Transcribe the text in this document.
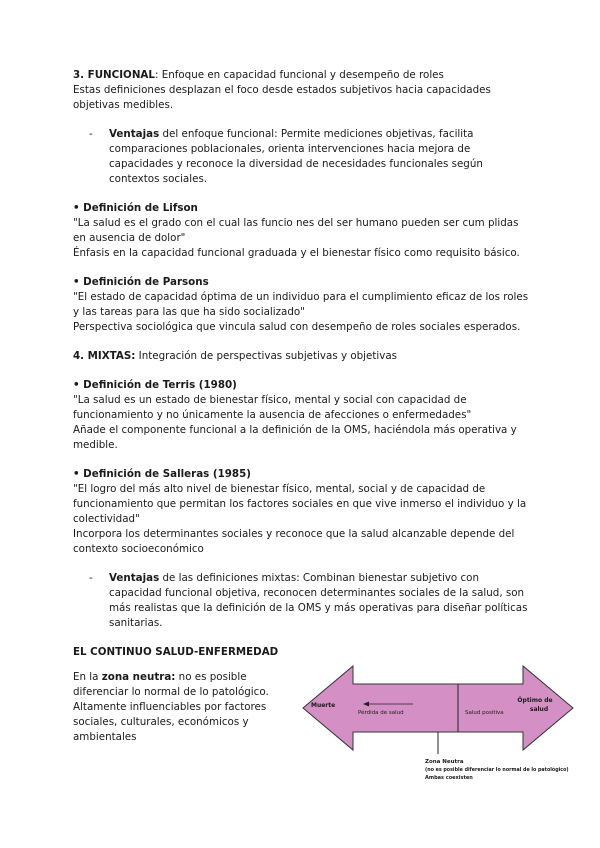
3. FUNCIONAL: Enfoque en capacidad funcional y desempeño de roles

Estas definiciones desplazan el foco desde estados subjetivos hacia capacidades objetivas medibles.

- Ventajas del enfoque funcional: Permite mediciones objetivas, facilita comparaciones poblacionales, orienta intervenciones hacia mejora de capacidades y reconoce la diversidad de necesidades funcionales según contextos sociales.

• Definición de Lifson

"La salud es el grado con el cual las funcio nes del ser humano pueden ser cum plidas en ausencia de dolor"

Énfasis en la capacidad funcional graduada y el bienestar físico como requisito básico.

• Definición de Parsons

"El estado de capacidad óptima de un individuo para el cumplimiento eficaz de los roles y las tareas para las que ha sido socializado"

Perspectiva sociológica que vincula salud con desempeño de roles sociales esperados.

4. MIXTAS: Integración de perspectivas subjetivas y objetivas

• Definición de Terris (1980)

"La salud es un estado de bienestar físico, mental y social con capacidad de funcionamiento y no únicamente la ausencia de afecciones o enfermedades"

Añade el componente funcional a la definición de la OMS, haciéndola más operativa y medible.

• Definición de Salleras (1985)

"El logro del más alto nivel de bienestar físico, mental, social y de capacidad de funcionamiento que permitan los factores sociales en que vive inmerso el individuo y la colectividad"

Incorpora los determinantes sociales y reconoce que la salud alcanzable depende del contexto socioeconómico

- Ventajas de las definiciones mixtas: Combinan bienestar subjetivo con capacidad funcional objetiva, reconocen determinantes sociales de la salud, son más realistas que la definición de la OMS y más operativas para diseñar políticas sanitarias.

EL CONTINUO SALUD-ENFERMEDAD

En la zona neutra: no es posible diferenciar lo normal de lo patológico. Altamente influenciables por factores sociales, culturales, económicos y ambientales

Muerte
Óptimo de
salud
Pérdida de salud	Salud positiva
Zona Neutra
(no es posible diferenciar lo normal de lo patológico)
Ambas coexisten
